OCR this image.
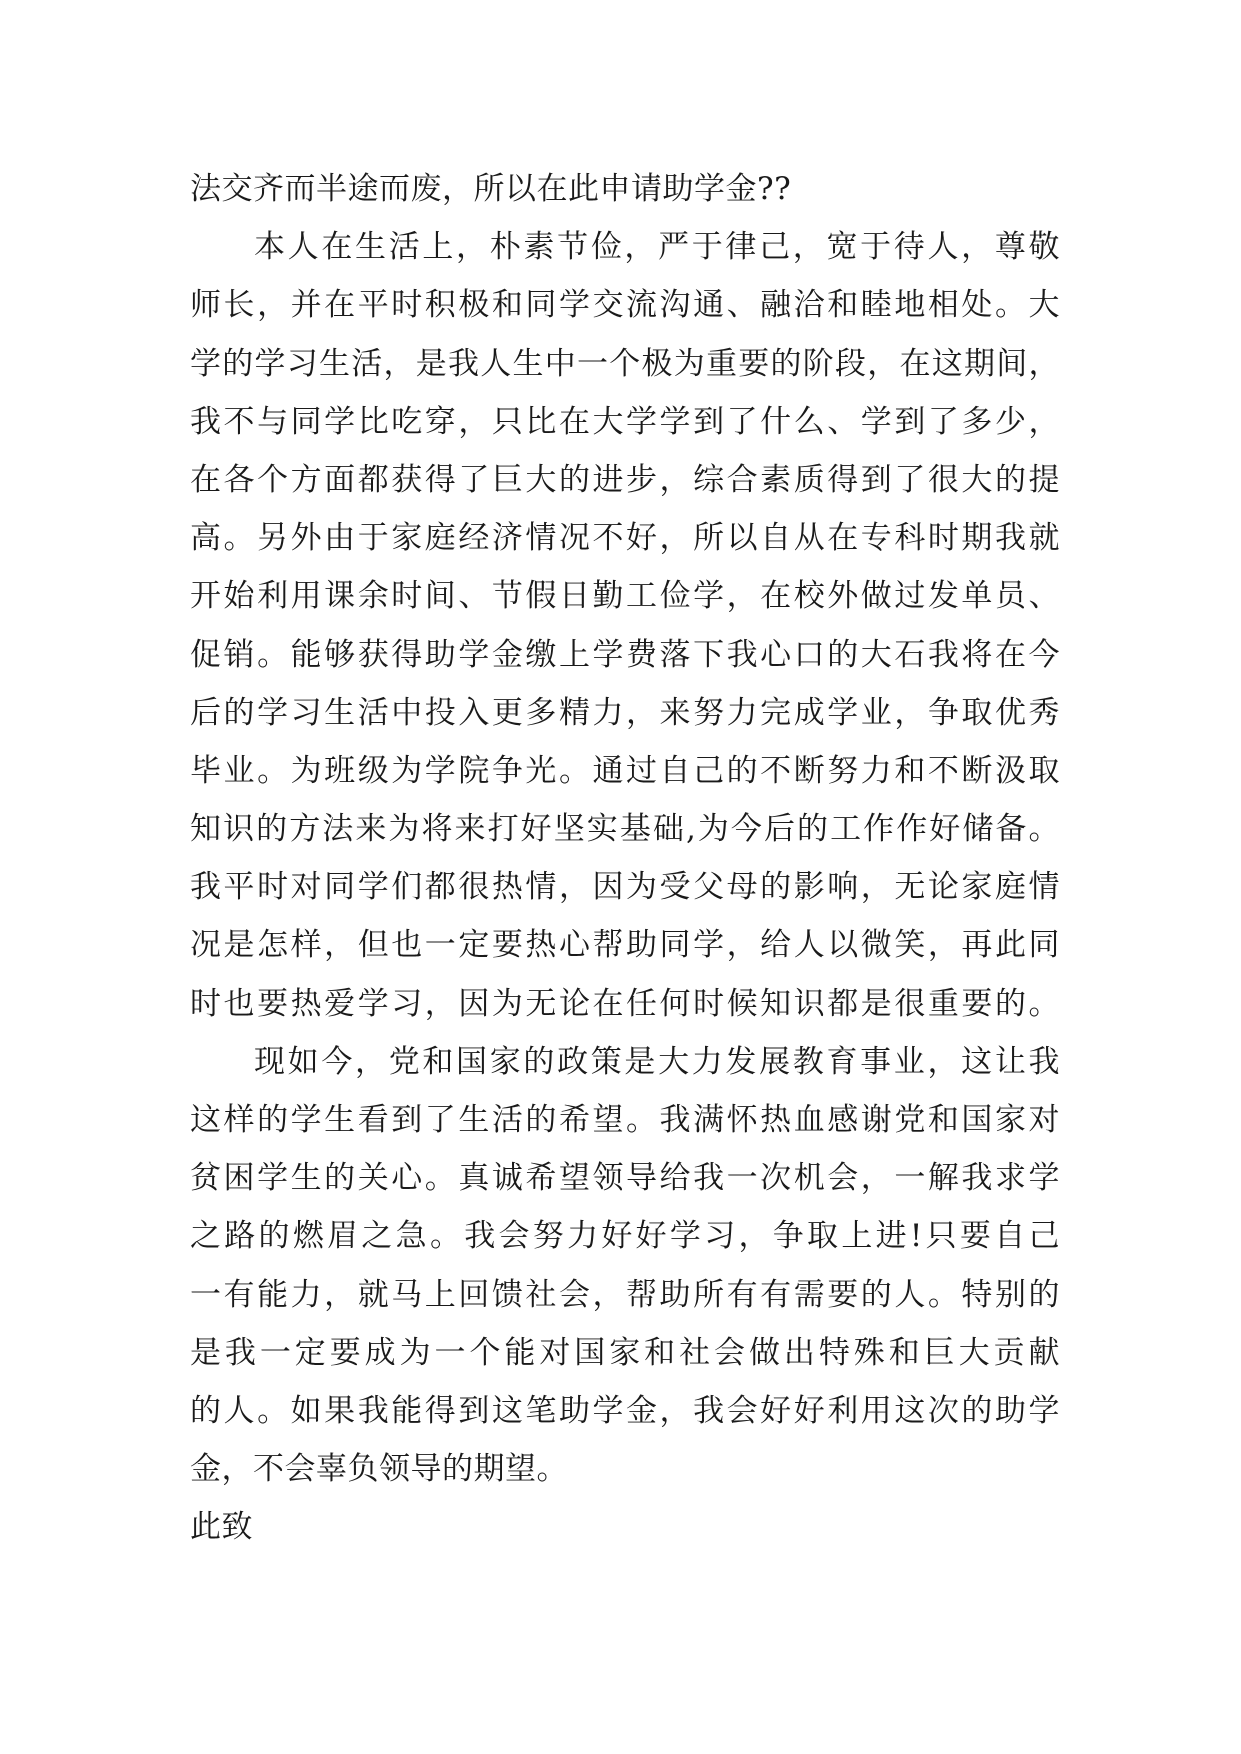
法交齐而半途而废，所以在此申请助学金??
本人在生活上，朴素节俭，严于律己，宽于待人，尊敬
师长，并在平时积极和同学交流沟通、融洽和睦地相处。大
学的学习生活，是我人生中一个极为重要的阶段，在这期间，
我不与同学比吃穿，只比在大学学到了什么、学到了多少，
在各个方面都获得了巨大的进步，综合素质得到了很大的提
高。另外由于家庭经济情况不好，所以自从在专科时期我就
开始利用课余时间、节假日勤工俭学，在校外做过发单员、
促销。能够获得助学金缴上学费落下我心口的大石我将在今
后的学习生活中投入更多精力，来努力完成学业，争取优秀
毕业。为班级为学院争光。通过自己的不断努力和不断汲取
知识的方法来为将来打好坚实基础,为今后的工作作好储备。
我平时对同学们都很热情，因为受父母的影响，无论家庭情
况是怎样，但也一定要热心帮助同学，给人以微笑，再此同
时也要热爱学习，因为无论在任何时候知识都是很重要的。
现如今，党和国家的政策是大力发展教育事业，这让我
这样的学生看到了生活的希望。我满怀热血感谢党和国家对
贫困学生的关心。真诚希望领导给我一次机会，一解我求学
之路的燃眉之急。我会努力好好学习，争取上进!只要自己
一有能力，就马上回馈社会，帮助所有有需要的人。特别的
是我一定要成为一个能对国家和社会做出特殊和巨大贡献
的人。如果我能得到这笔助学金，我会好好利用这次的助学
金，不会辜负领导的期望。
此致
